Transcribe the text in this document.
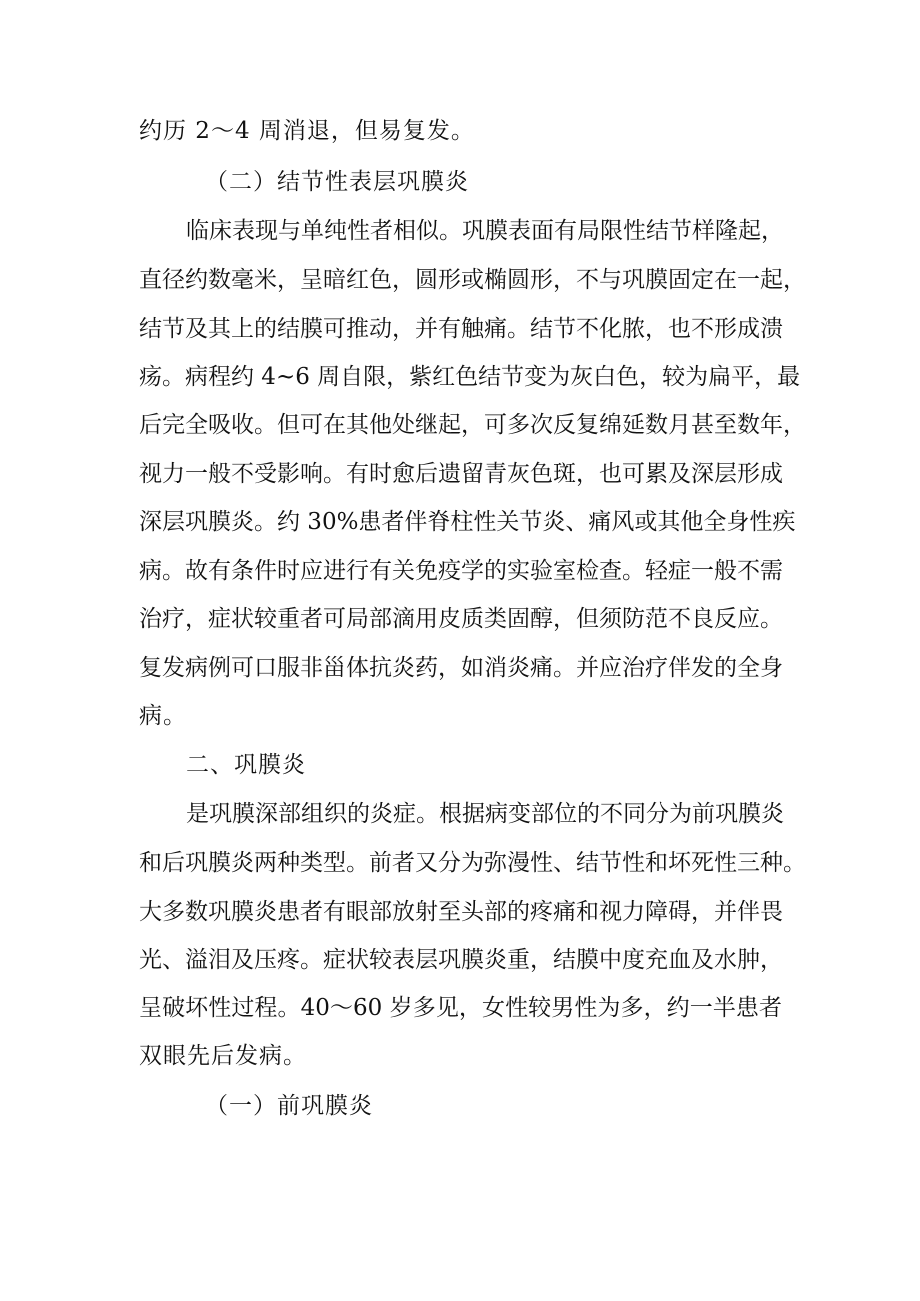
约历 2～4 周消退，但易复发。
（二）结节性表层巩膜炎
临床表现与单纯性者相似。巩膜表面有局限性结节样隆起，
直径约数毫米，呈暗红色，圆形或椭圆形，不与巩膜固定在一起，
结节及其上的结膜可推动，并有触痛。结节不化脓，也不形成溃
疡。病程约 4~6 周自限，紫红色结节变为灰白色，较为扁平，最
后完全吸收。但可在其他处继起，可多次反复绵延数月甚至数年，
视力一般不受影响。有时愈后遗留青灰色斑，也可累及深层形成
深层巩膜炎。约 30%患者伴脊柱性关节炎、痛风或其他全身性疾
病。故有条件时应进行有关免疫学的实验室检查。轻症一般不需
治疗，症状较重者可局部滴用皮质类固醇，但须防范不良反应。
复发病例可口服非甾体抗炎药，如消炎痛。并应治疗伴发的全身
病。
二、巩膜炎
是巩膜深部组织的炎症。根据病变部位的不同分为前巩膜炎
和后巩膜炎两种类型。前者又分为弥漫性、结节性和坏死性三种。
大多数巩膜炎患者有眼部放射至头部的疼痛和视力障碍，并伴畏
光、溢泪及压疼。症状较表层巩膜炎重，结膜中度充血及水肿，
呈破坏性过程。40～60 岁多见，女性较男性为多，约一半患者
双眼先后发病。
（一）前巩膜炎
